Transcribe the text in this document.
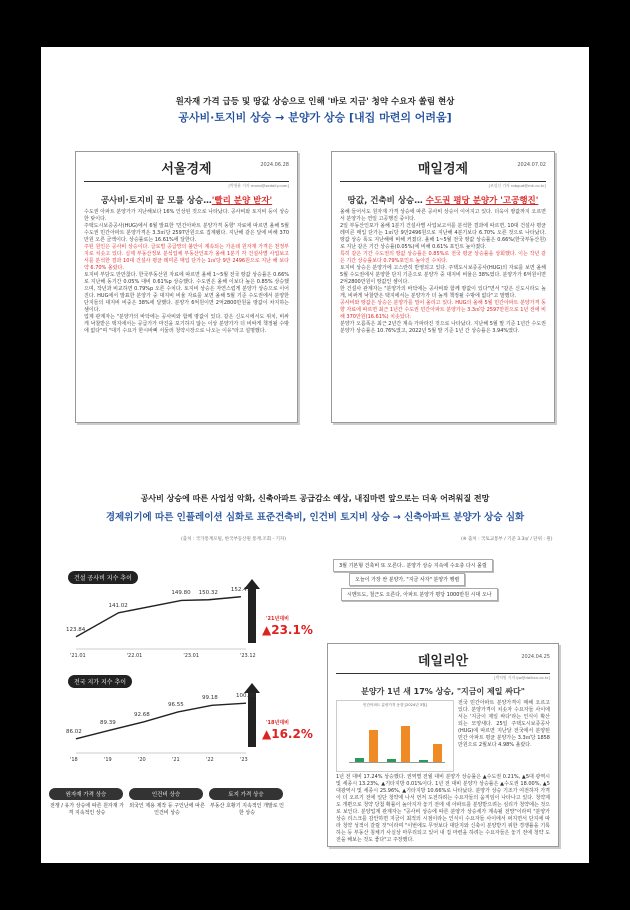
원자재 가격 급등 및 땅값 상승으로 인해 '바로 지금' 청약 수요자 쏠림 현상
공사비·토지비 상승 → 분양가 상승 [내집 마련의 어려움]
서울경제	2024.06.28
[박형윤 기자 mono@sedaily.com]
공사비·토지비 끝 모를 상승…'빨리 분양 받자'

수도권 아파트 분양가가 지난해보다 16% 인상된 것으로 나타났다. 공사비와 토지비 등이 상승한 탓이다.

주택도시보증공사(HUG)에서 6월 발표한 '민간아파트 분양가격 동향' 자료에 따르면 올해 5월 수도권 민간아파트 분양가격은 3.3㎡당 2597만원으로 집계됐다. 지난해 같은 달에 비해 370만원 오른 금액이다. 상승률로는 16.61%에 달한다.

주된 원인은 공사비 상승이다. 글로벌 공급망의 불안이 계속되는 가운데 원자재 가격은 천정부지로 치솟고 있다. 실제 부동산정보 분석업체 부동산인포가 올해 1분기 각 건설사별 사업보고서를 분석한 결과 10대 건설사 평균 레미콘 매입 단가는 1㎥당 9만 2496원으로 지난 해 보다 약 6.70% 올랐다.

토지비 부담도 만만찮다. 한국부동산원 자료에 따르면 올해 1~5월 전국 땅값 상승률은 0.66%로 지난해 동기간 0.05% 대비 0.61%p 상승했다. 수도권은 올해 이보다 높은 0.85% 상승했으며, 작년과 비교하면 0.79%p 오른 수치다. 토지비 상승은 자연스럽게 분양가 상승으로 이어진다. HUG에서 발표한 분양가 중 대지비 비율 자료를 보면 올해 5월 기준 수도권에서 분양한 단지들의 대지비 비중은 38%에 달했다. 분양가 6억원이면 2억2800만원을 땅값이 차지하는 셈이다.

업계 관계자는 "분양가의 바닥에는 공사비와 함께 땅값이 있다. 같은 신도시에서도 위치, 비싸게 낙찰받은 택지에서는 공급가가 마진을 포기하지 않는 이상 분양가가 더 비싸게 책정될 수밖에 없다"며 "대기 수요가 한시바삐 서둘러 청약시장으로 나오는 이유"라고 설명했다.

매일경제	2024.07.02
[조성신 기자 robgud@mk.co.kr]
땅값, 건축비 상승… 수도권 평당 분양가 '고공행진'

올해 들어서도 원자재 가격 상승에 따른 공사비 상승이 이어지고 있다. 더욱이 땅값까지 오르면서 분양가는 연일 고공행진 중이다.

2일 부동산인포가 올해 1분기 건설사별 사업보고서를 분석한 결과에 따르면, 10대 건설사 평균 레미콘 매입 단가는 1㎥당 9만2496원으로 지난해 4분기보다 6.70% 오른 것으로 나타났다. 땅값 상승 폭도 지난해에 비해 커졌다. 올해 1~5월 전국 땅값 상승률은 0.66%(한국부동산원)로 지난 같은 기간 상승률(0.05%)에 비해 0.61% 포인트 높아졌다.

특히 같은 기간 수도권의 땅값 상승률은 0.85%로 전국 평균 상승률을 상회했다. 이는 작년 같은 기간 상승률보다 0.79%포인트 높아진 수치다.

토지비 상승은 분양가에 고스란히 반영되고 있다. 주택도시보증공사(HUG)의 자료를 보면 올해 5월 수도권에서 분양한 단지 기준으로 분양가 중 대지비 비율은 38%였다. 분양가가 6억원이면 2억2800만원이 땅값인 셈이다.

한 건설사 관계자는 "분양가의 바닥에는 공사비와 함께 땅값이 있다"면서 "같은 신도시라도 높게, 비싸게 낙찰받은 택지에서는 분양가가 더 높게 책정될 수밖에 없다"고 말했다.

공사비와 땅값은 상승은 분양가를 밀어 올리고 있다. HUG의 올해 5월 민간아파트 분양가격 동향 자료에 따르면 최근 1년간 수도권 민간아파트 분양가는 3.3㎡당 2597만원으로 1년 전에 비해 370만원(16.61%) 치솟았다.

분양가 오름폭은 최근 2년간 계속 가파라진 것으로 나타났다. 지난해 5월 말 기준 1년간 수도권 분양가 상승률은 10.76%였고, 2022년 5월 말 기준 1년 간 상승률은 3.94%였다.

공사비 상승에 따른 사업성 악화, 신축아파트 공급감소 예상, 내집마련 앞으로는 더욱 어려워질 전망
경제위기에 따른 인플레이션 심화로 표준건축비, 인건비 토지비 상승 → 신축아파트 분양가 상승 심화
(출처 : 국가통계포털, 한국부동산원 통계.조회 - 기자)	(※ 출처 : 국토교통부 / 기준 3.3㎡ / 단위 : 원)
건설 공사비 지수 추이
123.84
141.02
149.80 150.32
152.47
'21.01	'22.01	'23.01	'23.12
'21년대비
▲23.1%
전국 지가 지수 추이
86.02
89.39
92.68
96.55
99.18	100.00
'18	'19	'20	'21	'22	'23
'18년대비
▲16.2%
원자재 가격 상승
전쟁 / 유가 상승에 따른 원자재 가격 지속적인 상승
인건비 상승
외국인 제용 제작 등 구인난에 따른 인건비 상승
토지 가격 상승
부동산 호황기 지속적인 개발로 인한 상승
3월 기본형 건축비 또 오른다.. 분양가 상승 지속에 수요층 다시 몰릴
오늘이 가장 싼 분양가, "지금 사자" 분양가 행렬
시멘트도, 철근도 오른다, 아파트 분양가 평당 1000만원 시대 오나
데일리안	2024.04.25
[박지원 기자 ljw@dailian.co.kr]
분양가 1년 새 17% 상승, "지금이 제일 싸다"
민간아파트 분양가격 동향 [2024년 3월]	전국 민간아파트 분양가격이 매해 오르고 있다. 분양가격이 치솟자 수요자들 사이에서는 '지금이 제일 싸다'라는 인식이 확산되는 모양새다. 25일 주택도시보증공사(HUG)에 따르면 지난달 전국에서 분양된 민간 아파트 평균 분양가는 3.3㎡당 1858만원으로 2월보다 4.98% 올랐다.
1년 전 대비 17.24% 상승했다. 권역별 전월 대비 분양가 상승률은 ▲수도권 0.21%, ▲5대 광역시 및 세종시 13.23%, ▲기타지방 0.01%이다. 1년 전 대비 분양가 상승률은 ▲수도권 18.00%, ▲5대광역시 및 세종시 25.96%, ▲기타지방 10.66%로 나타났다. 분양가 상승 기조가 여전하자 가격이 더 오르기 전에 일단 청약에 나서 먼저 도전하려는 수요자들의 움직임이 나타나고 있다. 청약제도 개편으로 청약 당첨 확률이 높아지자 놓기 전에 새 아파트를 분양받으려는 심리가 청약에는 것으로 보인다. 분양업계 관계자는 "공사비 상승에 따른 분양가 상승세가 계속될 전망"이라며 "분양가 상승 리스크를 감안하면 지금이 최적의 시점이라는 인식이 수요자들 사이에서 퍼지면서 단지에 따라 청약 성적이 갈릴 것"이라며 "이번에도 무엇보다 대단지와 신축이 분양받기 위한 경쟁률을 기록하는 등 부동산 침체기 사실상 마무리되고 있어 내 집 마련을 하려는 수요자들은 놓기 전에 청약 도전을 해보는 것도 좋다"고 주장했다.
